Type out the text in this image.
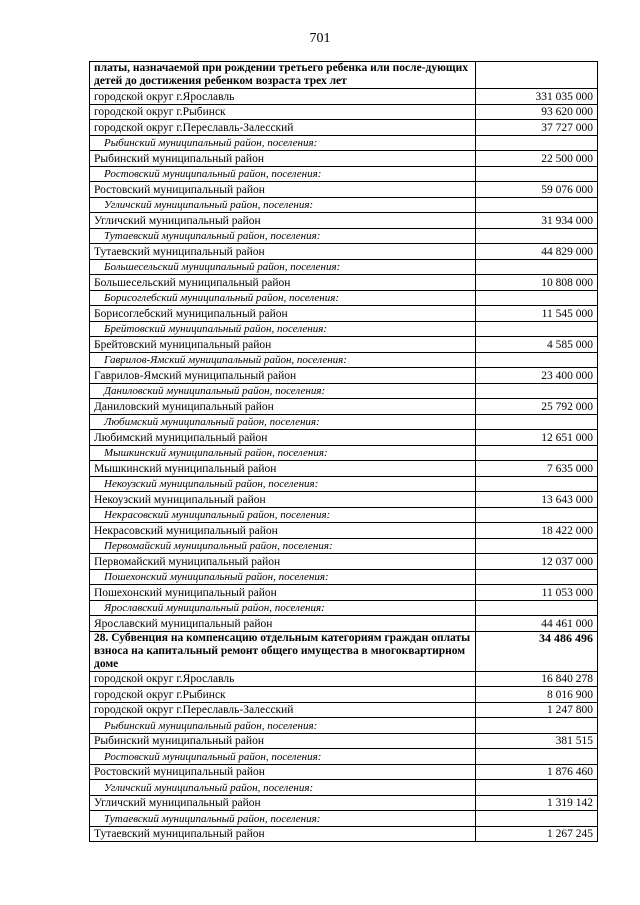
701
платы, назначаемой при рождении третьего ребенка или после-дующих детей до достижения ребенком возраста трех лет	
городской округ г.Ярославль	331 035 000
городской округ г.Рыбинск	93 620 000
городской округ г.Переславль-Залесский	37 727 000
Рыбинский муниципальный район, поселения:	
Рыбинский муниципальный район	22 500 000
Ростовский муниципальный район, поселения:	
Ростовский муниципальный район	59 076 000
Угличский муниципальный район, поселения:	
Угличский муниципальный район	31 934 000
Тутаевский муниципальный район, поселения:	
Тутаевский муниципальный район	44 829 000
Большесельский муниципальный район, поселения:	
Большесельский муниципальный район	10 808 000
Борисоглебский муниципальный район, поселения:	
Борисоглебский муниципальный район	11 545 000
Брейтовский муниципальный район, поселения:	
Брейтовский муниципальный район	4 585 000
Гаврилов-Ямский муниципальный район, поселения:	
Гаврилов-Ямский муниципальный район	23 400 000
Даниловский муниципальный район, поселения:	
Даниловский муниципальный район	25 792 000
Любимский муниципальный район, поселения:	
Любимский муниципальный район	12 651 000
Мышкинский муниципальный район, поселения:	
Мышкинский муниципальный район	7 635 000
Некоузский муниципальный район, поселения:	
Некоузский муниципальный район	13 643 000
Некрасовский муниципальный район, поселения:	
Некрасовский муниципальный район	18 422 000
Первомайский муниципальный район, поселения:	
Первомайский муниципальный район	12 037 000
Пошехонский муниципальный район, поселения:	
Пошехонский муниципальный район	11 053 000
Ярославский муниципальный район, поселения:	
Ярославский муниципальный район	44 461 000
28. Субвенция на компенсацию отдельным категориям граждан оплаты взноса на капитальный ремонт общего имущества в многоквартирном доме	34 486 496
городской округ г.Ярославль	16 840 278
городской округ г.Рыбинск	8 016 900
городской округ г.Переславль-Залесский	1 247 800
Рыбинский муниципальный район, поселения:	
Рыбинский муниципальный район	381 515
Ростовский муниципальный район, поселения:	
Ростовский муниципальный район	1 876 460
Угличский муниципальный район, поселения:	
Угличский муниципальный район	1 319 142
Тутаевский муниципальный район, поселения:	
Тутаевский муниципальный район	1 267 245
